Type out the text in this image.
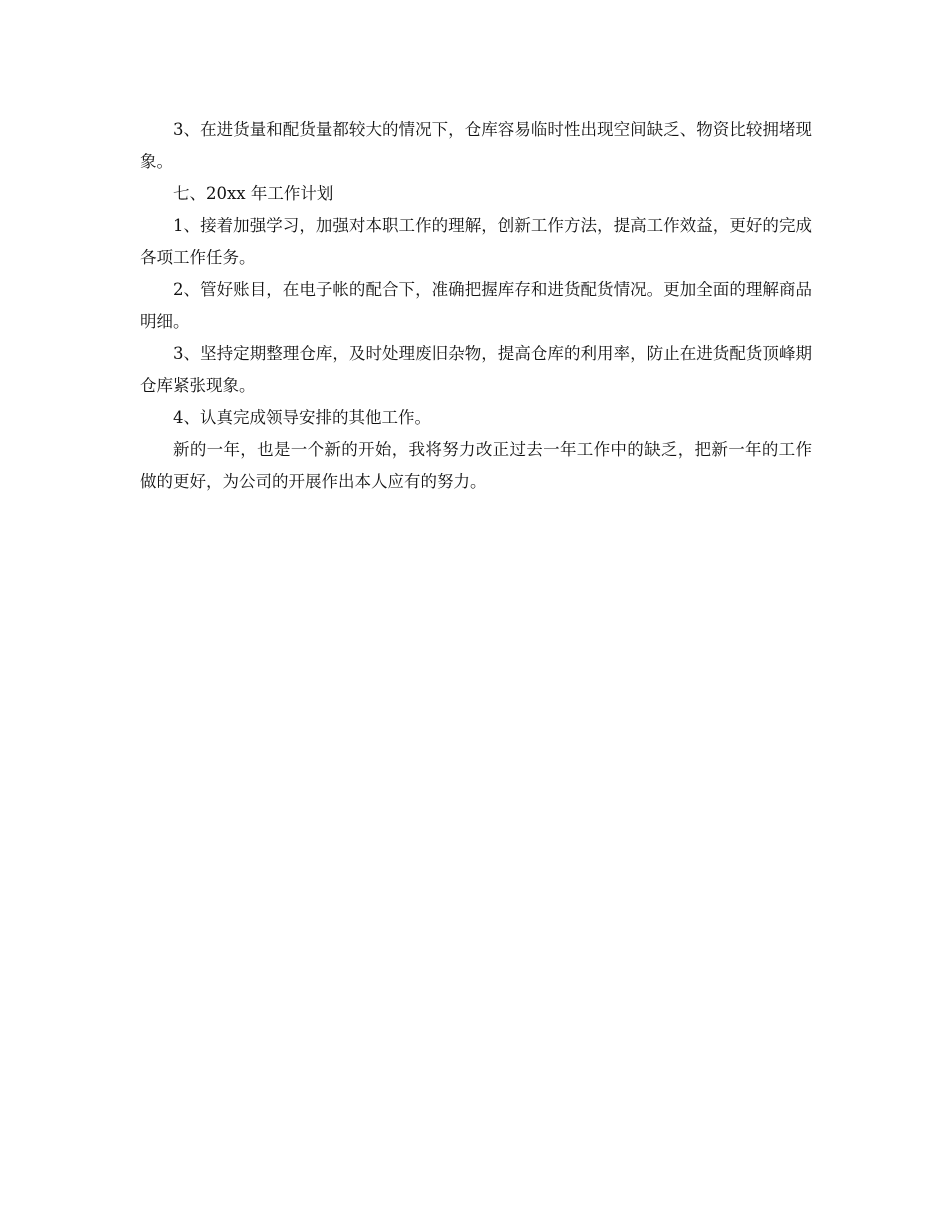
3、在进货量和配货量都较大的情况下，仓库容易临时性出现空间缺乏、物资比较拥堵现象。

七、20xx 年工作计划

1、接着加强学习，加强对本职工作的理解，创新工作方法，提高工作效益，更好的完成各项工作任务。

2、管好账目，在电子帐的配合下，准确把握库存和进货配货情况。更加全面的理解商品明细。

3、坚持定期整理仓库，及时处理废旧杂物，提高仓库的利用率，防止在进货配货顶峰期仓库紧张现象。

4、认真完成领导安排的其他工作。

新的一年，也是一个新的开始，我将努力改正过去一年工作中的缺乏，把新一年的工作做的更好，为公司的开展作出本人应有的努力。
